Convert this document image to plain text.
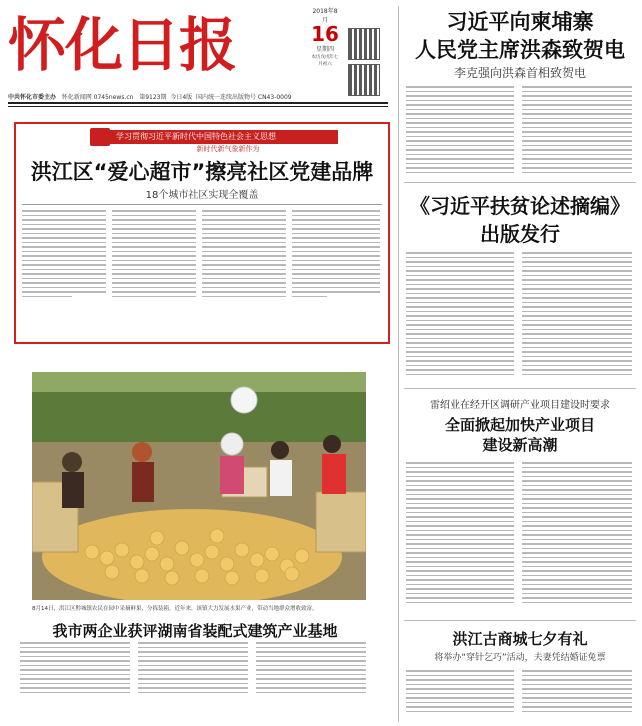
怀化日报	2018年8月
16
星期四
农历戊戌年七月初六
中共怀化市委主办 怀化新闻网 0745news.cn 第9123期 今日4版 国内统一连续出版物号 CN43-0009
学习贯彻习近平新时代中国特色社会主义思想
新时代新气象新作为
洪江区“爱心超市”擦亮社区党建品牌
18个城市社区实现全覆盖
8月14日，洪江区黔城镇农民在园中采摘鲜果，分拣装箱。近年来，该镇大力发展水果产业，带动当地群众增收致富。
我市两企业获评湖南省装配式建筑产业基地
习近平向柬埔寨
人民党主席洪森致贺电
李克强向洪森首相致贺电
《习近平扶贫论述摘编》
出版发行
雷绍业在经开区调研产业项目建设时要求
全面掀起加快产业项目
建设新高潮
洪江古商城七夕有礼
将举办“穿针乞巧”活动，夫妻凭结婚证免票
